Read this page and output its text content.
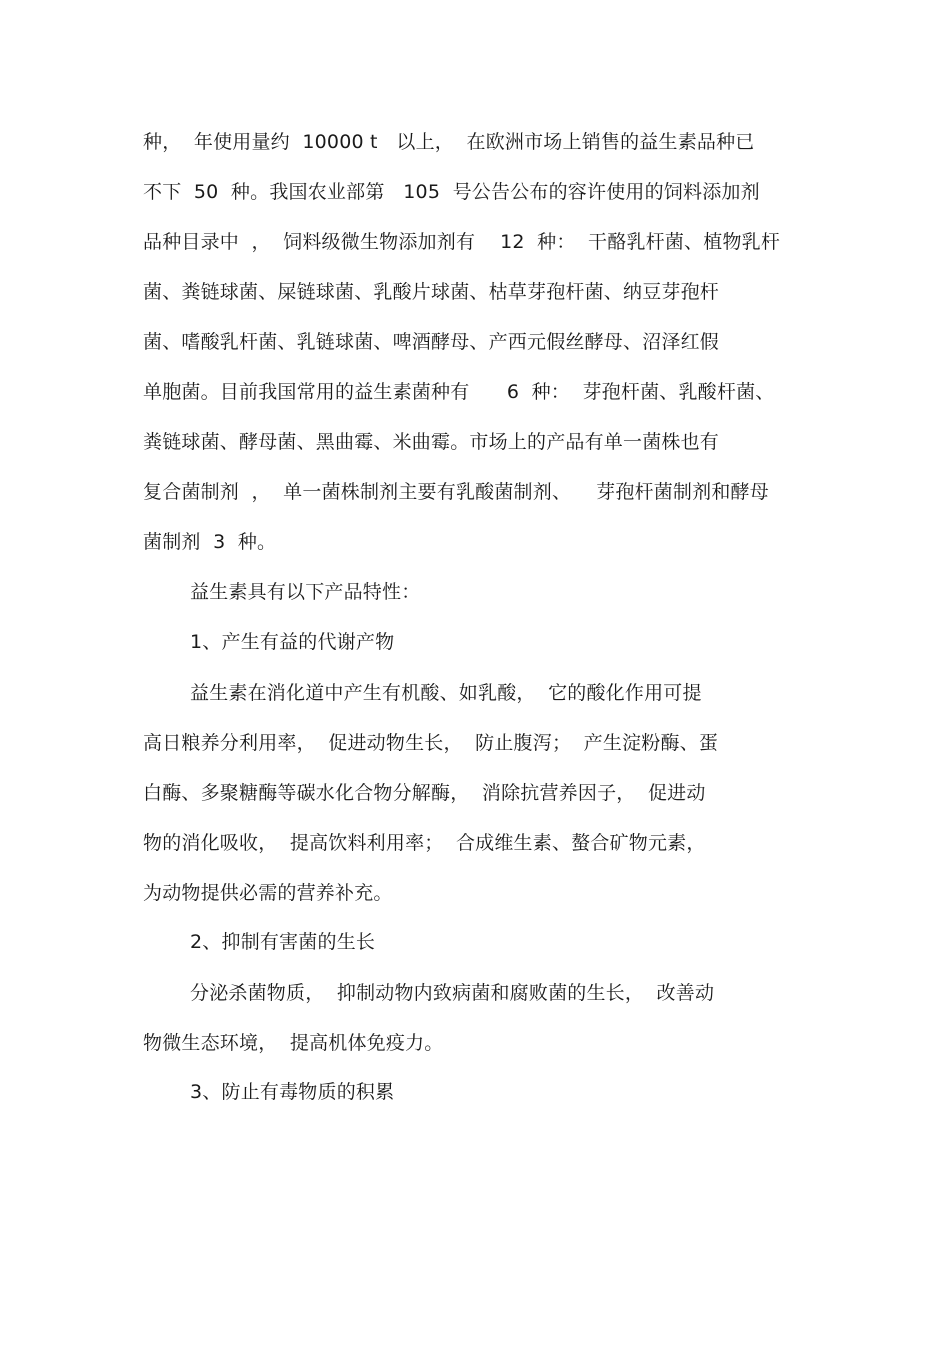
种，  年使用量约  10000 t   以上，  在欧洲市场上销售的益生素品种已
不下  50  种。我国农业部第   105  号公告公布的容许使用的饲料添加剂
品种目录中  ，  饲料级微生物添加剂有    12  种：  干酪乳杆菌、植物乳杆
菌、粪链球菌、屎链球菌、乳酸片球菌、枯草芽孢杆菌、纳豆芽孢杆
菌、嗜酸乳杆菌、乳链球菌、啤酒酵母、产西元假丝酵母、沼泽红假
单胞菌。目前我国常用的益生素菌种有      6  种：  芽孢杆菌、乳酸杆菌、
粪链球菌、酵母菌、黑曲霉、米曲霉。市场上的产品有单一菌株也有
复合菌制剂  ，  单一菌株制剂主要有乳酸菌制剂、    芽孢杆菌制剂和酵母
菌制剂  3  种。
益生素具有以下产品特性：
1、产生有益的代谢产物
益生素在消化道中产生有机酸、如乳酸，  它的酸化作用可提
高日粮养分利用率，  促进动物生长，  防止腹泻；  产生淀粉酶、蛋
白酶、多聚糖酶等碳水化合物分解酶，  消除抗营养因子，  促进动
物的消化吸收，  提高饮料利用率；  合成维生素、螯合矿物元素，
为动物提供必需的营养补充。
2、抑制有害菌的生长
分泌杀菌物质，  抑制动物内致病菌和腐败菌的生长，  改善动
物微生态环境，  提高机体免疫力。
3、防止有毒物质的积累
